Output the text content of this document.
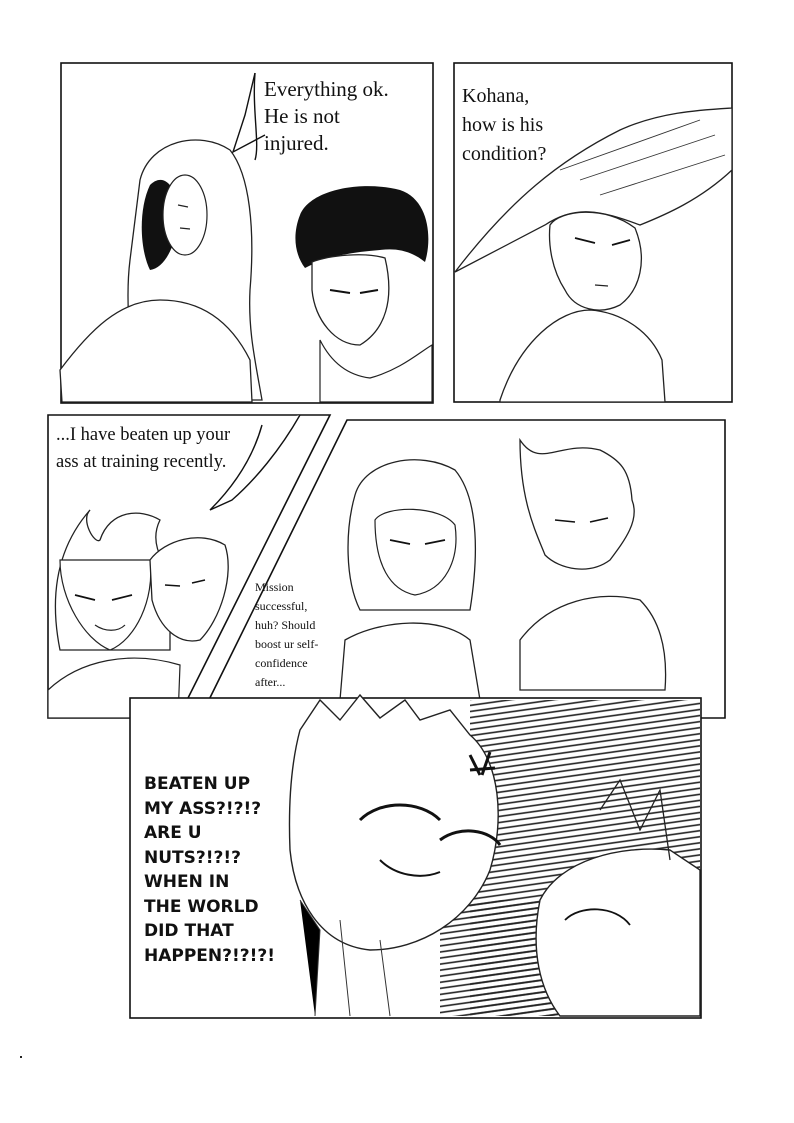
Everything ok.
He is not
injured.

Kohana,
how is his
condition?

...I have beaten up your
ass at training recently.

Mission
successful,
huh? Should
boost ur self-
confidence
after...

BEATEN UP
MY ASS?!?!?
ARE U
NUTS?!?!?
WHEN IN
THE WORLD
DID THAT
HAPPEN?!?!?!
